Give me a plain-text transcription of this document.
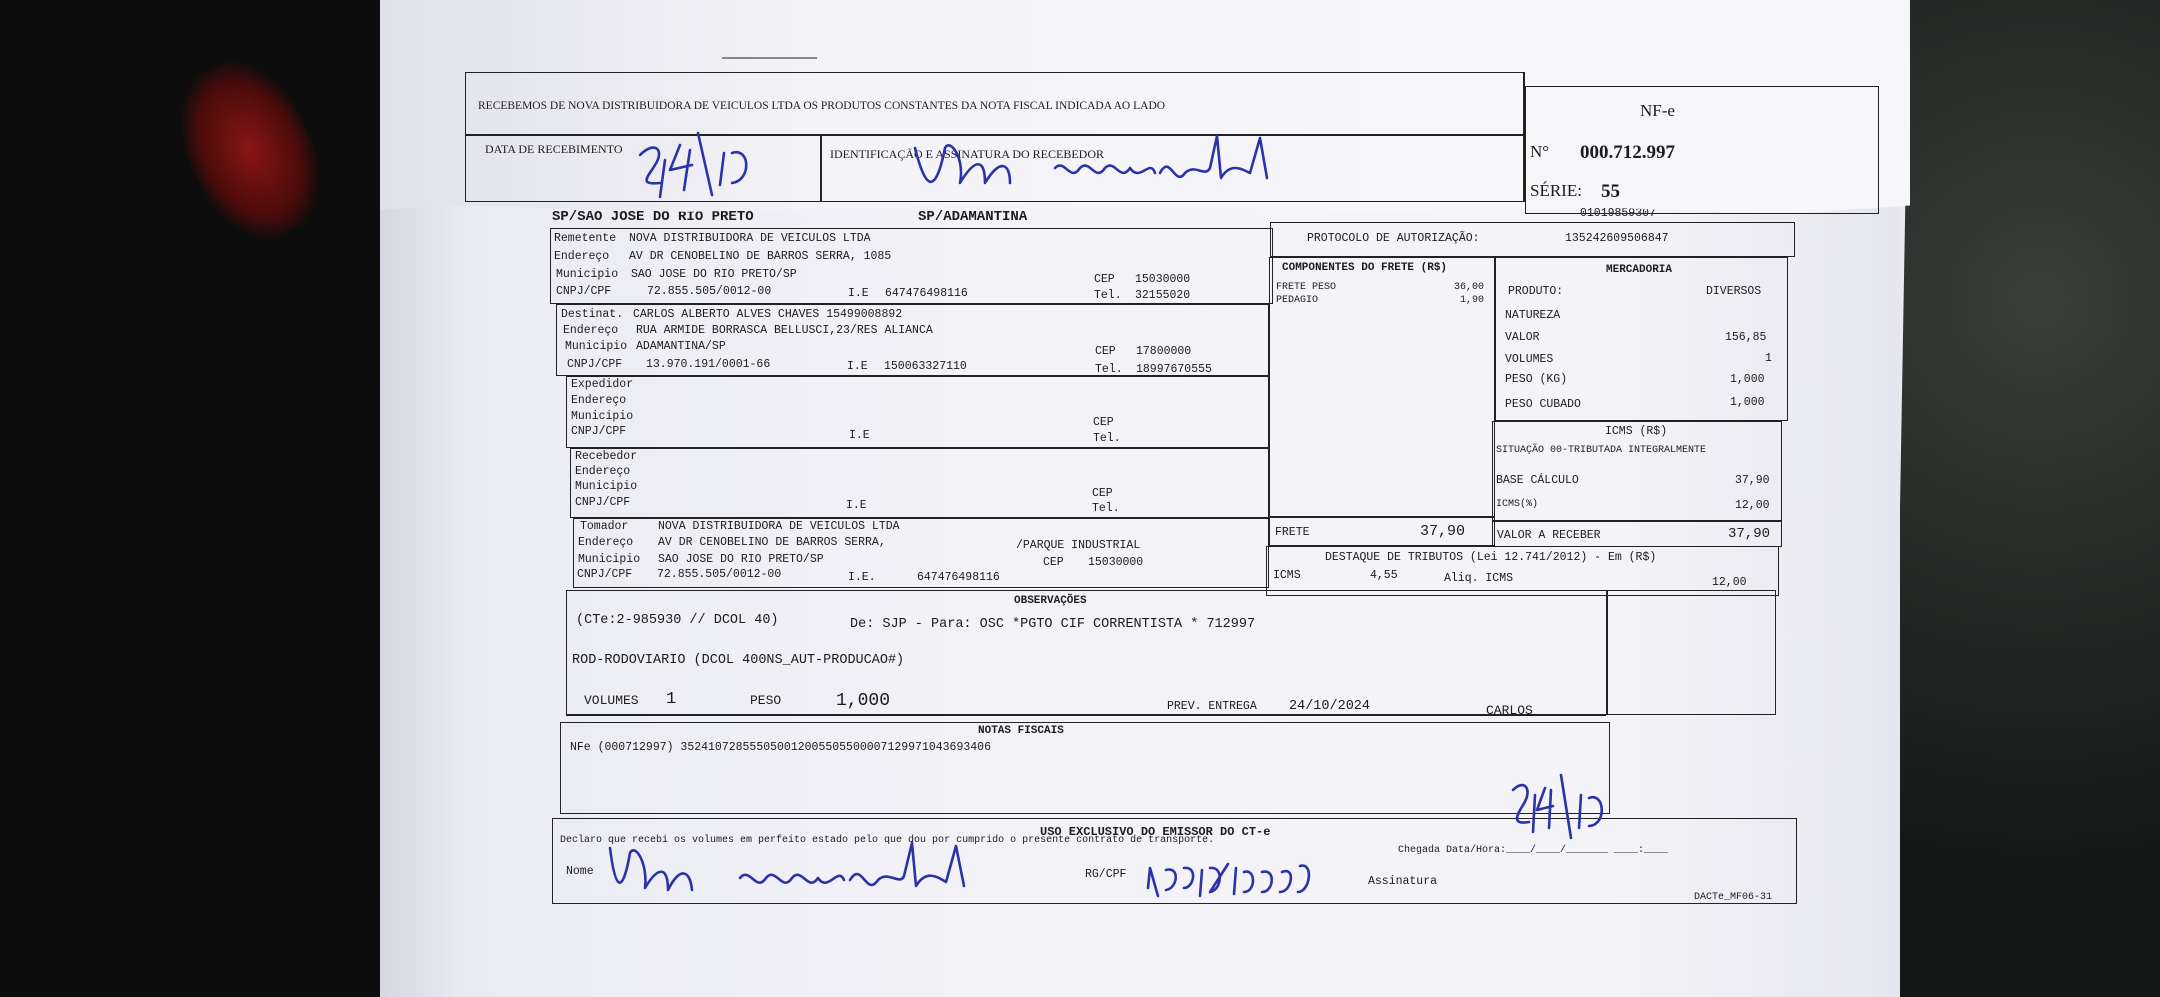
SP/SAO JOSE DO RIO PRETO	SP/ADAMANTINA	01019859307
PROTOCOLO DE AUTORIZAÇÃO:	135242609506847
Remetente NOVA DISTRIBUIDORA DE VEICULOS LTDA
Endereço AV DR CENOBELINO DE BARROS SERRA, 1085
Municipio SAO JOSE DO RIO PRETO/SP	CEP 15030000
CNPJ/CPF	72.855.505/0012-00	I.E 647476498116	Tel. 32155020
Destinat. CARLOS ALBERTO ALVES CHAVES 15499008892
Endereço RUA ARMIDE BORRASCA BELLUSCI,23/RES ALIANCA
Municipio ADAMANTINA/SP	CEP 17800000
CNPJ/CPF 13.970.191/0001-66	I.E 150063327110	Tel. 18997670555
Expedidor
Endereço
Municipio	CEP
CNPJ/CPF	I.E	Tel.
Recebedor
Endereço
Municipio
CEP
CNPJ/CPF	I.E	Tel.
Tomador	NOVA DISTRIBUIDORA DE VEICULOS LTDA
Endereço AV DR CENOBELINO DE BARROS SERRA,	/PARQUE INDUSTRIAL
Municipio SAO JOSE DO RIO PRETO/SP	CEP 15030000
CNPJ/CPF 72.855.505/0012-00	I.E.	647476498116
COMPONENTES DO FRETE (R$)
FRETE PESO	36,00
PEDAGIO	1,90
FRETE	37,90
MERCADORIA
PRODUTO:	DIVERSOS
NATUREZA
VALOR	156,85
VOLUMES	1
PESO (KG)	1,000
PESO CUBADO	1,000
ICMS (R$)
SITUAÇÃO 00-TRIBUTADA INTEGRALMENTE
BASE CÁLCULO	37,90
ICMS(%)	12,00
VALOR A RECEBER	37,90
DESTAQUE DE TRIBUTOS (Lei 12.741/2012) - Em (R$)
ICMS	4,55	Aliq. ICMS	12,00
OBSERVAÇÕES
(CTe:2-985930 // DCOL 40)	De: SJP - Para: OSC *PGTO CIF CORRENTISTA * 712997
ROD-RODOVIARIO (DCOL 400NS_AUT-PRODUCAO#)
VOLUMES 1	PESO	1,000	PREV. ENTREGA 24/10/2024	CARLOS
NOTAS FISCAIS
NFe (000712997) 352410728555050012005505500007129971043693406
USO EXCLUSIVO DO EMISSOR DO CT-e
Declaro que recebi os volumes em perfeito estado pelo que dou por cumprido o presente contrato de transporte.
Chegada Data/Hora:____/____/_______ ____:____
Nome	RG/CPF
Assinatura
DACTe_MF06-31
RECEBEMOS DE NOVA DISTRIBUIDORA DE VEICULOS LTDA OS PRODUTOS CONSTANTES DA NOTA FISCAL INDICADA AO LADO
DATA DE RECEBIMENTO	IDENTIFICAÇÃO E ASSINATURA DO RECEBEDOR
NF-e
N° 000.712.997
SÉRIE: 55
